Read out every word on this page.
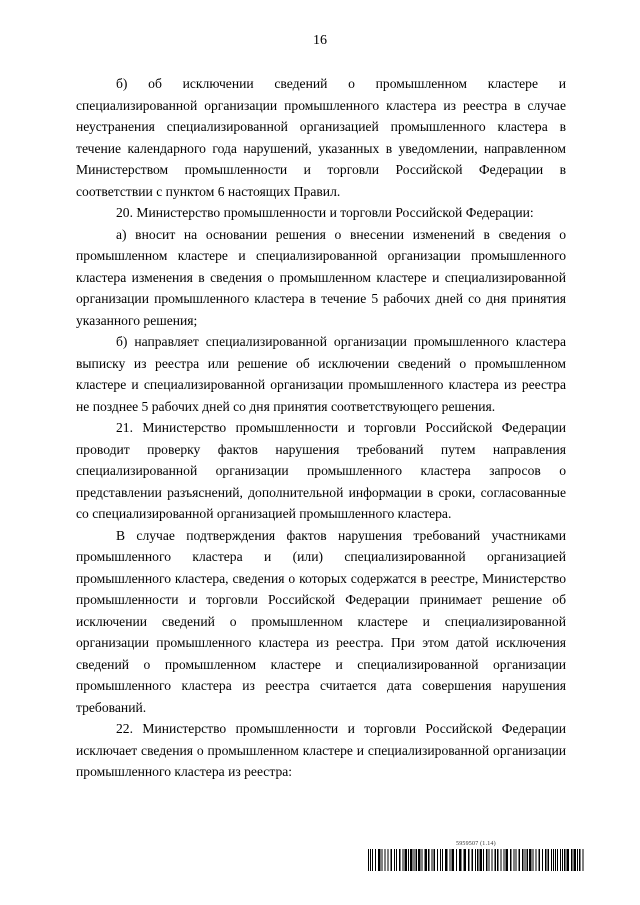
16

б) об исключении сведений о промышленном кластере и специализированной организации промышленного кластера из реестра в случае неустранения специализированной организацией промышленного кластера в течение календарного года нарушений, указанных в уведомлении, направленном Министерством промышленности и торговли Российской Федерации в соответствии с пунктом 6 настоящих Правил.

20. Министерство промышленности и торговли Российской Федерации:

а) вносит на основании решения о внесении изменений в сведения о промышленном кластере и специализированной организации промышленного кластера изменения в сведения о промышленном кластере и специализированной организации промышленного кластера в течение 5 рабочих дней со дня принятия указанного решения;

б) направляет специализированной организации промышленного кластера выписку из реестра или решение об исключении сведений о промышленном кластере и специализированной организации промышленного кластера из реестра не позднее 5 рабочих дней со дня принятия соответствующего решения.

21. Министерство промышленности и торговли Российской Федерации проводит проверку фактов нарушения требований путем направления специализированной организации промышленного кластера запросов о представлении разъяснений, дополнительной информации в сроки, согласованные со специализированной организацией промышленного кластера.

В случае подтверждения фактов нарушения требований участниками промышленного кластера и (или) специализированной организацией промышленного кластера, сведения о которых содержатся в реестре, Министерство промышленности и торговли Российской Федерации принимает решение об исключении сведений о промышленном кластере и специализированной организации промышленного кластера из реестра. При этом датой исключения сведений о промышленном кластере и специализированной организации промышленного кластера из реестра считается дата совершения нарушения требований.

22. Министерство промышленности и торговли Российской Федерации исключает сведения о промышленном кластере и специализированной организации промышленного кластера из реестра:

5959507 (1.14)
